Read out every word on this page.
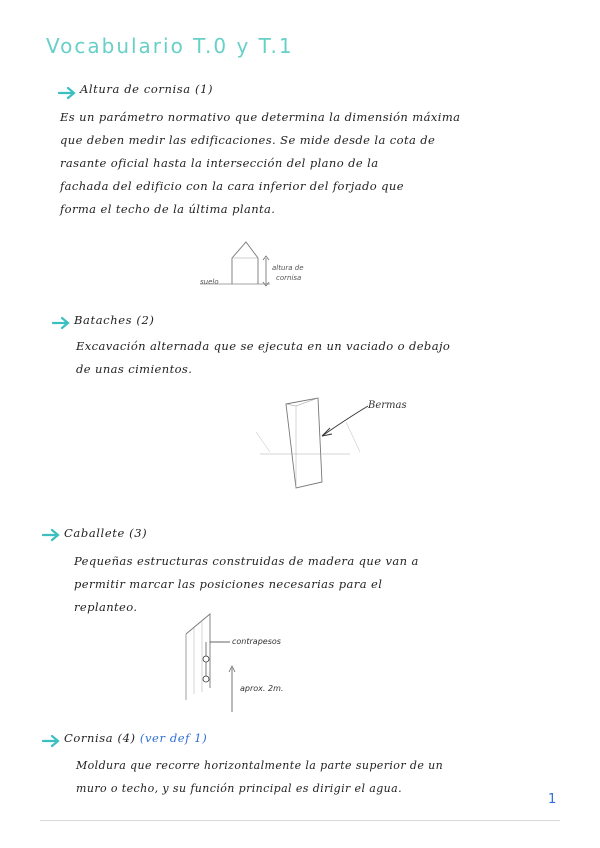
Vocabulario T.0 y T.1
Altura de cornisa (1)
Es un parámetro normativo que determina la dimensión máxima
que deben medir las edificaciones. Se mide desde la cota de
rasante oficial hasta la intersección del plano de la
fachada del edificio con la cara inferior del forjado que
forma el techo de la última planta.
suelo
altura de
cornisa
Bataches (2)
Excavación alternada que se ejecuta en un vaciado o debajo
de unas cimientos.
Bermas
Caballete (3)
Pequeñas estructuras construidas de madera que van a
permitir marcar las posiciones necesarias para el
replanteo.
contrapesos
aprox. 2m.
Cornisa (4) (ver def 1)
Moldura que recorre horizontalmente la parte superior de un
muro o techo, y su función principal es dirigir el agua.
1
